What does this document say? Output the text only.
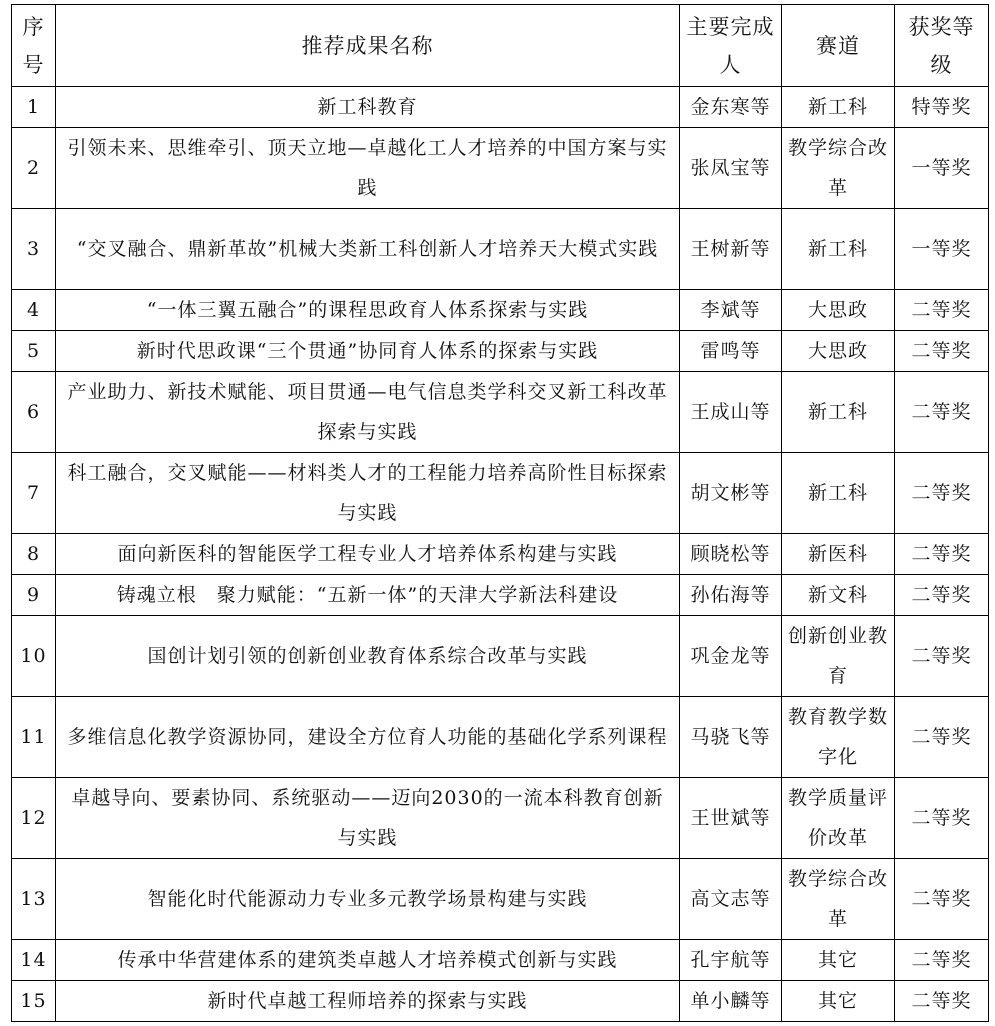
序号	推荐成果名称	主要完成人	赛道	获奖等级
1	新工科教育	金东寒等	新工科	特等奖
2	引领未来、思维牵引、顶天立地—卓越化工人才培养的中国方案与实践	张凤宝等	教学综合改革	一等奖
3	“交叉融合、鼎新革故”机械大类新工科创新人才培养天大模式实践	王树新等	新工科	一等奖
4	“一体三翼五融合”的课程思政育人体系探索与实践	李斌等	大思政	二等奖
5	新时代思政课“三个贯通”协同育人体系的探索与实践	雷鸣等	大思政	二等奖
6	产业助力、新技术赋能、项目贯通—电气信息类学科交叉新工科改革探索与实践	王成山等	新工科	二等奖
7	科工融合，交叉赋能——材料类人才的工程能力培养高阶性目标探索与实践	胡文彬等	新工科	二等奖
8	面向新医科的智能医学工程专业人才培养体系构建与实践	顾晓松等	新医科	二等奖
9	铸魂立根　聚力赋能：“五新一体”的天津大学新法科建设	孙佑海等	新文科	二等奖
10	国创计划引领的创新创业教育体系综合改革与实践	巩金龙等	创新创业教育	二等奖
11	多维信息化教学资源协同，建设全方位育人功能的基础化学系列课程	马骁飞等	教育教学数字化	二等奖
12	卓越导向、要素协同、系统驱动——迈向2030的一流本科教育创新与实践	王世斌等	教学质量评价改革	二等奖
13	智能化时代能源动力专业多元教学场景构建与实践	高文志等	教学综合改革	二等奖
14	传承中华营建体系的建筑类卓越人才培养模式创新与实践	孔宇航等	其它	二等奖
15	新时代卓越工程师培养的探索与实践	单小麟等	其它	二等奖
